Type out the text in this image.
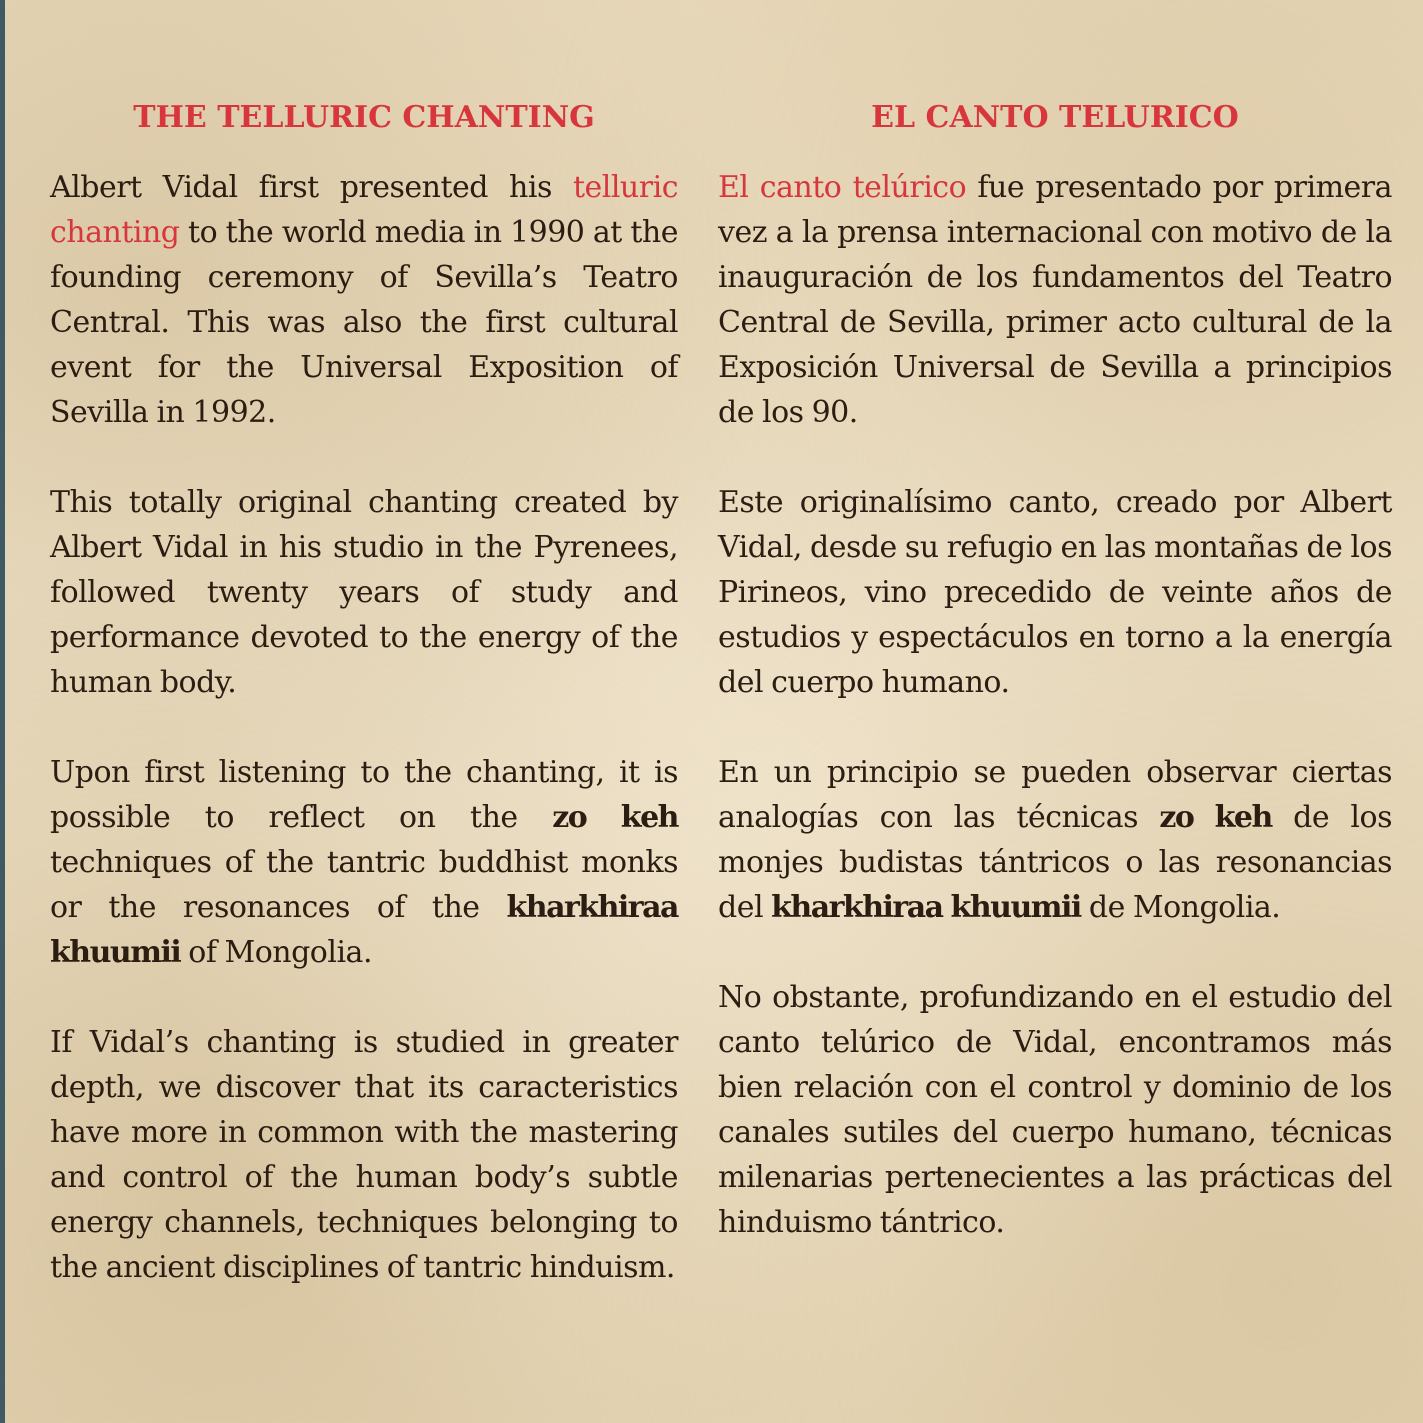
THE TELLURIC CHANTING

Albert Vidal first presented his telluric chanting to the world media in 1990 at the founding ceremony of Sevilla’s Teatro Central. This was also the first cultural event for the Universal Exposition of Sevilla in 1992.

This totally original chanting created by Albert Vidal in his studio in the Pyrenees, followed twenty years of study and performance devoted to the energy of the human body.

Upon first listening to the chanting, it is possible to reflect on the zo keh techniques of the tantric buddhist monks or the resonances of the kharkhiraa khuumii of Mongolia.

If Vidal’s chanting is studied in greater depth, we discover that its caracteristics have more in common with the mastering and control of the human body’s subtle energy channels, techniques belonging to the ancient disciplines of tantric hinduism.

EL CANTO TELURICO

El canto telúrico fue presentado por primera vez a la prensa internacional con motivo de la inauguración de los fundamentos del Teatro Central de Sevilla, primer acto cultural de la Exposición Universal de Sevilla a principios de los 90.

Este originalísimo canto, creado por Albert Vidal, desde su refugio en las montañas de los Pirineos, vino precedido de veinte años de estudios y espectáculos en torno a la energía del cuerpo humano.

En un principio se pueden observar ciertas analogías con las técnicas zo keh de los monjes budistas tántricos o las resonancias del kharkhiraa khuumii de Mongolia.

No obstante, profundizando en el estudio del canto telúrico de Vidal, encontramos más bien relación con el control y dominio de los canales sutiles del cuerpo humano, técnicas milenarias pertenecientes a las prácticas del hinduismo tántrico.
